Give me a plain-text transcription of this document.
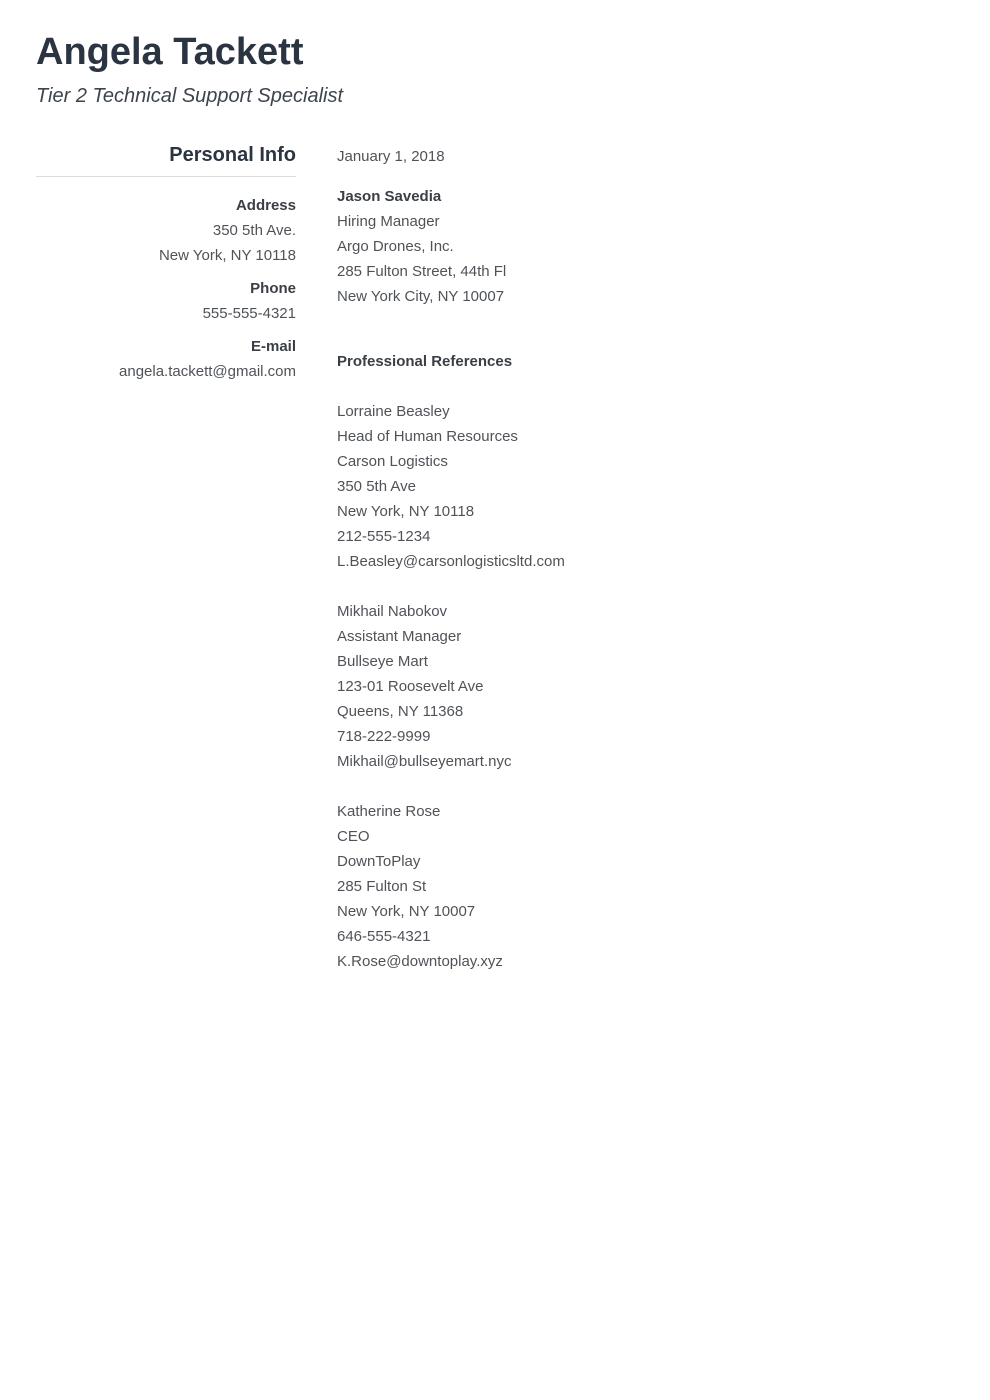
Angela Tackett
Tier 2 Technical Support Specialist
Personal Info
Address
350 5th Ave.
New York, NY 10118
Phone
555-555-4321
E-mail
angela.tackett@gmail.com

January 1, 2018

Jason Savedia
Hiring Manager
Argo Drones, Inc.
285 Fulton Street, 44th Fl
New York City, NY 10007
Professional References
Lorraine Beasley
Head of Human Resources
Carson Logistics
350 5th Ave
New York, NY 10118
212-555-1234
L.Beasley@carsonlogisticsltd.com
Mikhail Nabokov
Assistant Manager
Bullseye Mart
123-01 Roosevelt Ave
Queens, NY 11368
718-222-9999
Mikhail@bullseyemart.nyc
Katherine Rose
CEO
DownToPlay
285 Fulton St
New York, NY 10007
646-555-4321
K.Rose@downtoplay.xyz
